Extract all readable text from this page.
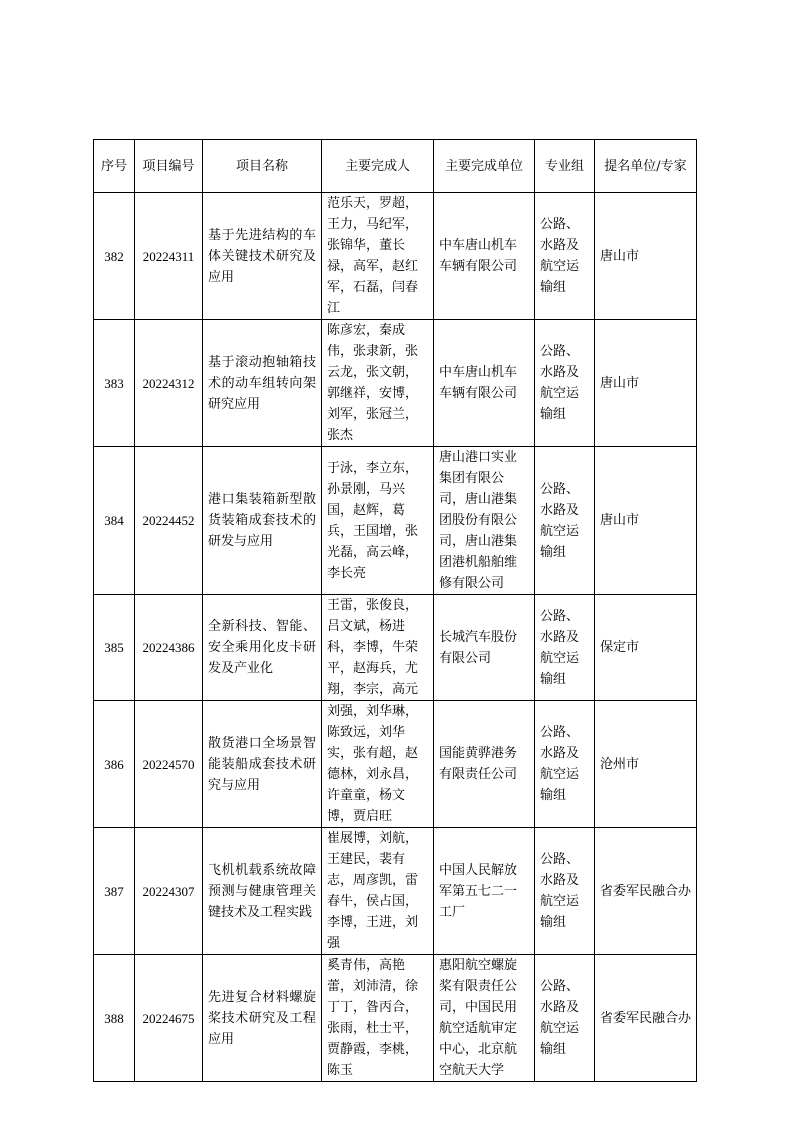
序号	项目编号	项目名称	主要完成人	主要完成单位	专业组	提名单位/专家
382	20224311	基于先进结构的车体关键技术研究及应用	范乐天，罗超，王力，马纪军，张锦华，董长禄，高军，赵红军，石磊，闫春江	中车唐山机车车辆有限公司	公路、水路及航空运输组	唐山市
383	20224312	基于滚动抱轴箱技术的动车组转向架研究应用	陈彦宏，秦成伟，张隶新，张云龙，张文朝，郭继祥，安博，刘军，张冠兰，张杰	中车唐山机车车辆有限公司	公路、水路及航空运输组	唐山市
384	20224452	港口集装箱新型散货装箱成套技术的研发与应用	于泳，李立东，孙景刚，马兴国，赵辉，葛兵，王国增，张光磊，高云峰，李长亮	唐山港口实业集团有限公司，唐山港集团股份有限公司，唐山港集团港机船舶维修有限公司	公路、水路及航空运输组	唐山市
385	20224386	全新科技、智能、安全乘用化皮卡研发及产业化	王雷，张俊良，吕文斌，杨进科，李博，牛荣平，赵海兵，尤翔，李宗，高元	长城汽车股份有限公司	公路、水路及航空运输组	保定市
386	20224570	散货港口全场景智能装船成套技术研究与应用	刘强，刘华琳，陈致远，刘华实，张有超，赵德林，刘永昌，许童童，杨文博，贾启旺	国能黄骅港务有限责任公司	公路、水路及航空运输组	沧州市
387	20224307	飞机机载系统故障预测与健康管理关键技术及工程实践	崔展博，刘航，王建民，裴有志，周彦凯，雷春牛，侯占国，李博，王进，刘强	中国人民解放军第五七二一工厂	公路、水路及航空运输组	省委军民融合办
388	20224675	先进复合材料螺旋桨技术研究及工程应用	奚青伟，高艳蕾，刘沛清，徐丁丁，昝丙合，张雨，杜士平，贾静霞，李桃，陈玉	惠阳航空螺旋桨有限责任公司，中国民用航空适航审定中心，北京航空航天大学	公路、水路及航空运输组	省委军民融合办
